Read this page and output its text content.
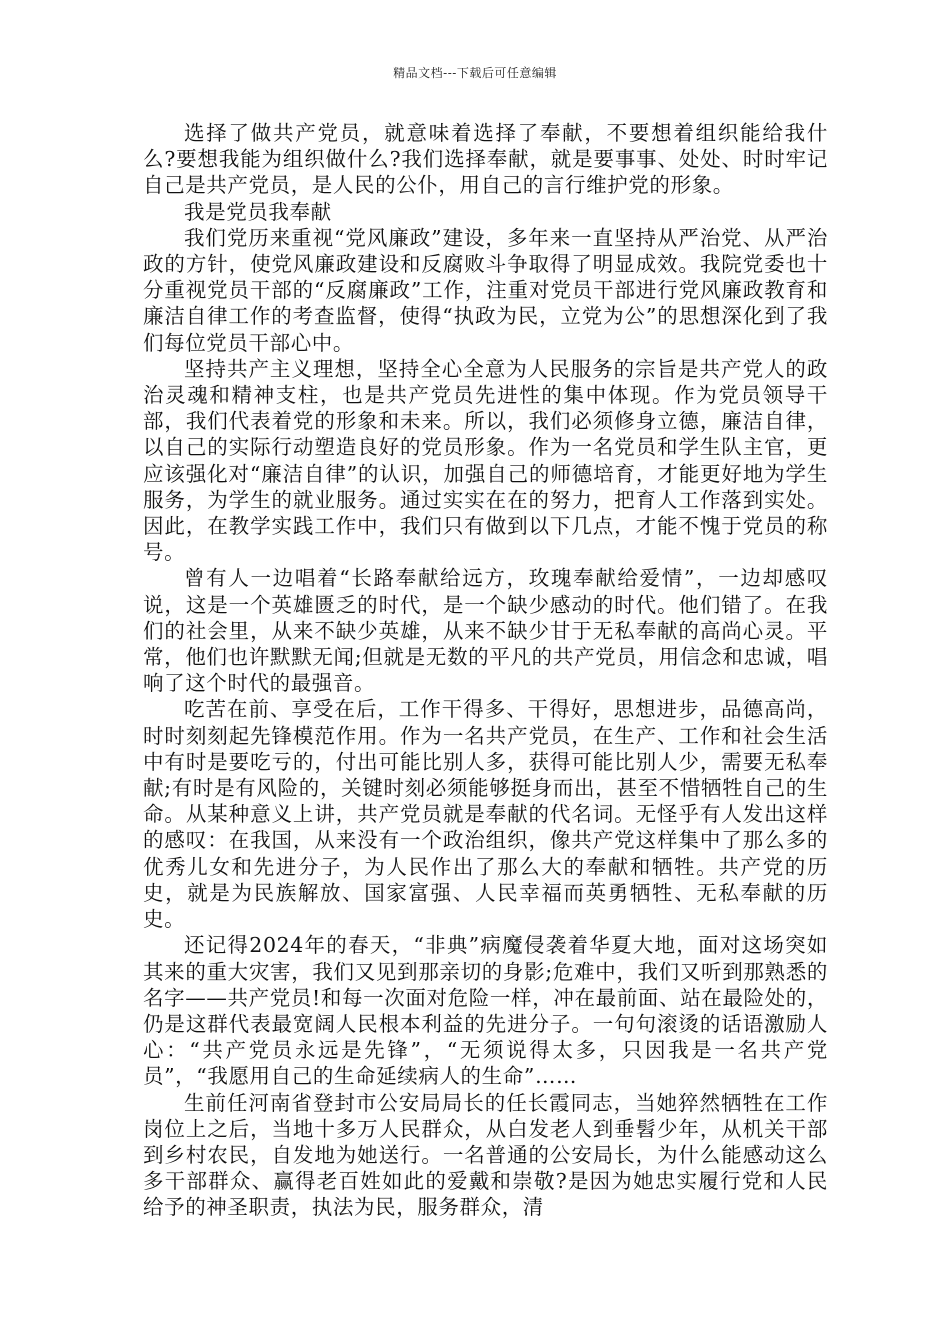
精品文档---下载后可任意编辑

选择了做共产党员，就意味着选择了奉献，不要想着组织能给我什么?要想我能为组织做什么?我们选择奉献，就是要事事、处处、时时牢记自己是共产党员，是人民的公仆，用自己的言行维护党的形象。

我是党员我奉献

我们党历来重视“党风廉政”建设，多年来一直坚持从严治党、从严治政的方针，使党风廉政建设和反腐败斗争取得了明显成效。我院党委也十分重视党员干部的“反腐廉政”工作，注重对党员干部进行党风廉政教育和廉洁自律工作的考查监督，使得“执政为民，立党为公”的思想深化到了我们每位党员干部心中。

坚持共产主义理想，坚持全心全意为人民服务的宗旨是共产党人的政治灵魂和精神支柱，也是共产党员先进性的集中体现。作为党员领导干部，我们代表着党的形象和未来。所以，我们必须修身立德，廉洁自律，以自己的实际行动塑造良好的党员形象。作为一名党员和学生队主官，更应该强化对“廉洁自律”的认识，加强自己的师德培育，才能更好地为学生服务，为学生的就业服务。通过实实在在的努力，把育人工作落到实处。因此，在教学实践工作中，我们只有做到以下几点，才能不愧于党员的称号。

曾有人一边唱着“长路奉献给远方，玫瑰奉献给爱情”，一边却感叹说，这是一个英雄匮乏的时代，是一个缺少感动的时代。他们错了。在我们的社会里，从来不缺少英雄，从来不缺少甘于无私奉献的高尚心灵。平常，他们也许默默无闻;但就是无数的平凡的共产党员，用信念和忠诚，唱响了这个时代的最强音。

吃苦在前、享受在后，工作干得多、干得好，思想进步，品德高尚，时时刻刻起先锋模范作用。作为一名共产党员，在生产、工作和社会生活中有时是要吃亏的，付出可能比别人多，获得可能比别人少，需要无私奉献;有时是有风险的，关键时刻必须能够挺身而出，甚至不惜牺牲自己的生命。从某种意义上讲，共产党员就是奉献的代名词。无怪乎有人发出这样的感叹：在我国，从来没有一个政治组织，像共产党这样集中了那么多的优秀儿女和先进分子，为人民作出了那么大的奉献和牺牲。共产党的历史，就是为民族解放、国家富强、人民幸福而英勇牺牲、无私奉献的历史。

还记得2024年的春天，“非典”病魔侵袭着华夏大地，面对这场突如其来的重大灾害，我们又见到那亲切的身影;危难中，我们又听到那熟悉的名字——共产党员!和每一次面对危险一样，冲在最前面、站在最险处的，仍是这群代表最宽阔人民根本利益的先进分子。一句句滚烫的话语激励人心：“共产党员永远是先锋”，“无须说得太多，只因我是一名共产党员”，“我愿用自己的生命延续病人的生命”……

生前任河南省登封市公安局局长的任长霞同志，当她猝然牺牲在工作岗位上之后，当地十多万人民群众，从白发老人到垂髫少年，从机关干部到乡村农民，自发地为她送行。一名普通的公安局长，为什么能感动这么多干部群众、赢得老百姓如此的爱戴和崇敬?是因为她忠实履行党和人民给予的神圣职责，执法为民，服务群众，清
